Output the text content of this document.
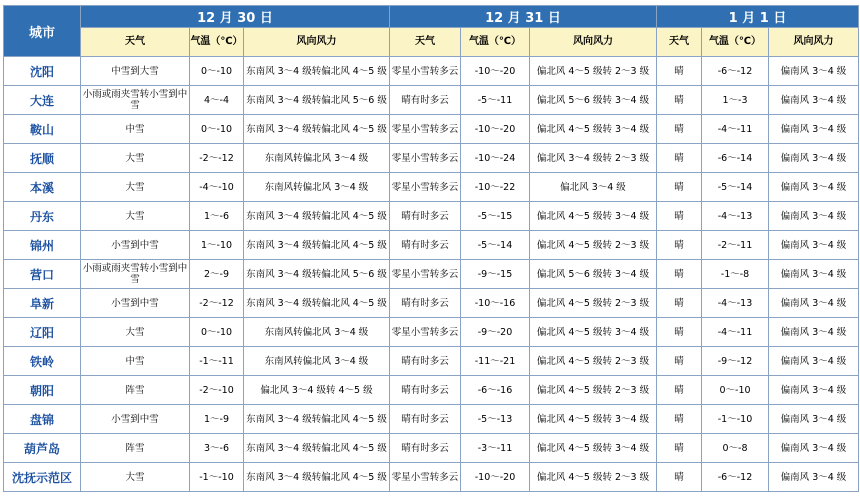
城市	12 月 30 日			12 月 31 日			1 月 1 日		
	天气	气温（℃）	风向风力	天气	气温（℃）	风向风力	天气	气温（℃）	风向风力
沈阳	中雪到大雪	0～-10	东南风 3～4 级转偏北风 4～5 级	零星小雪转多云	-10～-20	偏北风 4～5 级转 2～3 级	晴	-6～-12	偏南风 3～4 级
大连	小雨或雨夹雪转小雪到中雪	4～-4	东南风 3～4 级转偏北风 5～6 级	晴有时多云	-5～-11	偏北风 5～6 级转 3～4 级	晴	1～-3	偏南风 3～4 级
鞍山	中雪	0～-10	东南风 3～4 级转偏北风 4～5 级	零星小雪转多云	-10～-20	偏北风 4～5 级转 3～4 级	晴	-4～-11	偏南风 3～4 级
抚顺	大雪	-2～-12	东南风转偏北风 3～4 级	零星小雪转多云	-10～-24	偏北风 3～4 级转 2～3 级	晴	-6～-14	偏南风 3～4 级
本溪	大雪	-4～-10	东南风转偏北风 3～4 级	零星小雪转多云	-10～-22	偏北风 3～4 级	晴	-5～-14	偏南风 3～4 级
丹东	大雪	1～-6	东南风 3～4 级转偏北风 4～5 级	晴有时多云	-5～-15	偏北风 4～5 级转 3～4 级	晴	-4～-13	偏南风 3～4 级
锦州	小雪到中雪	1～-10	东南风 3～4 级转偏北风 4～5 级	晴有时多云	-5～-14	偏北风 4～5 级转 2～3 级	晴	-2～-11	偏南风 3～4 级
营口	小雨或雨夹雪转小雪到中雪	2～-9	东南风 3～4 级转偏北风 5～6 级	零星小雪转多云	-9～-15	偏北风 5～6 级转 3～4 级	晴	-1～-8	偏南风 3～4 级
阜新	小雪到中雪	-2～-12	东南风 3～4 级转偏北风 4～5 级	晴有时多云	-10～-16	偏北风 4～5 级转 2～3 级	晴	-4～-13	偏南风 3～4 级
辽阳	大雪	0～-10	东南风转偏北风 3～4 级	零星小雪转多云	-9～-20	偏北风 4～5 级转 3～4 级	晴	-4～-11	偏南风 3～4 级
铁岭	中雪	-1～-11	东南风转偏北风 3～4 级	晴有时多云	-11～-21	偏北风 4～5 级转 2～3 级	晴	-9～-12	偏南风 3～4 级
朝阳	阵雪	-2～-10	偏北风 3～4 级转 4～5 级	晴有时多云	-6～-16	偏北风 4～5 级转 2～3 级	晴	0～-10	偏南风 3～4 级
盘锦	小雪到中雪	1～-9	东南风 3～4 级转偏北风 4～5 级	晴有时多云	-5～-13	偏北风 4～5 级转 3～4 级	晴	-1～-10	偏南风 3～4 级
葫芦岛	阵雪	3～-6	东南风 3～4 级转偏北风 4～5 级	晴有时多云	-3～-11	偏北风 4～5 级转 3～4 级	晴	0～-8	偏南风 3～4 级
沈抚示范区	大雪	-1～-10	东南风 3～4 级转偏北风 4～5 级	零星小雪转多云	-10～-20	偏北风 4～5 级转 2～3 级	晴	-6～-12	偏南风 3～4 级
